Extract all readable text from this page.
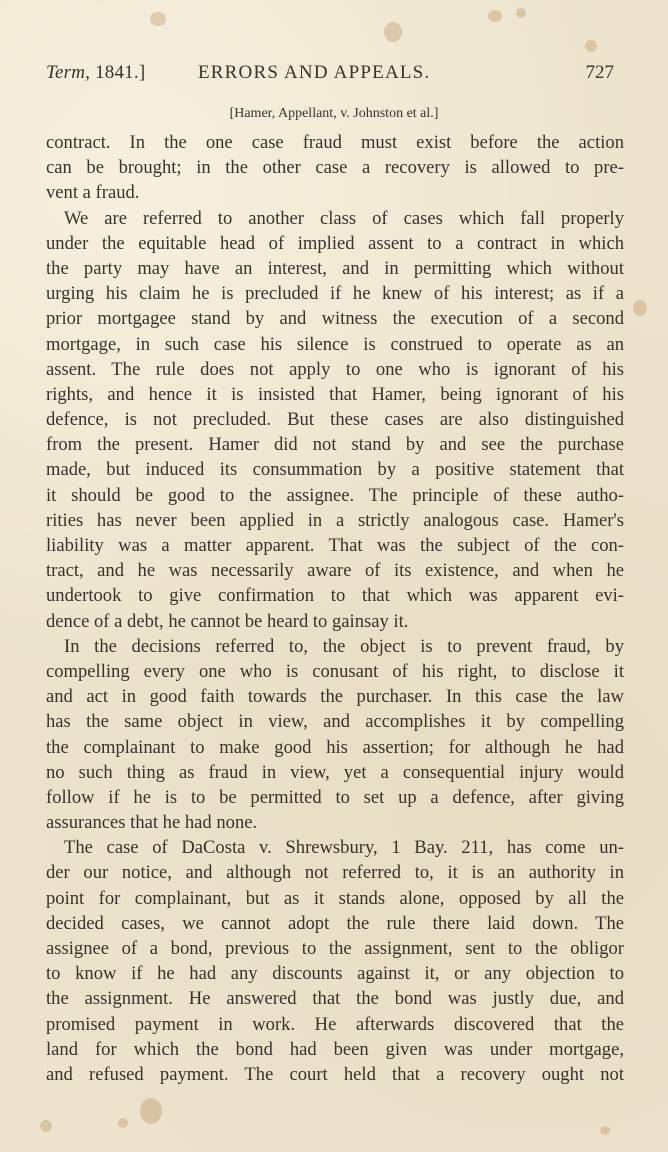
Term, 1841.]	ERRORS AND APPEALS.	727
[Hamer, Appellant, v. Johnston et al.]
contract. In the one case fraud must exist before the action
can be brought; in the other case a recovery is allowed to pre-
vent a fraud.
We are referred to another class of cases which fall properly
under the equitable head of implied assent to a contract in which
the party may have an interest, and in permitting which without
urging his claim he is precluded if he knew of his interest; as if a
prior mortgagee stand by and witness the execution of a second
mortgage, in such case his silence is construed to operate as an
assent. The rule does not apply to one who is ignorant of his
rights, and hence it is insisted that Hamer, being ignorant of his
defence, is not precluded. But these cases are also distinguished
from the present. Hamer did not stand by and see the purchase
made, but induced its consummation by a positive statement that
it should be good to the assignee. The principle of these autho-
rities has never been applied in a strictly analogous case. Hamer's
liability was a matter apparent. That was the subject of the con-
tract, and he was necessarily aware of its existence, and when he
undertook to give confirmation to that which was apparent evi-
dence of a debt, he cannot be heard to gainsay it.
In the decisions referred to, the object is to prevent fraud, by
compelling every one who is conusant of his right, to disclose it
and act in good faith towards the purchaser. In this case the law
has the same object in view, and accomplishes it by compelling
the complainant to make good his assertion; for although he had
no such thing as fraud in view, yet a consequential injury would
follow if he is to be permitted to set up a defence, after giving
assurances that he had none.
The case of DaCosta v. Shrewsbury, 1 Bay. 211, has come un-
der our notice, and although not referred to, it is an authority in
point for complainant, but as it stands alone, opposed by all the
decided cases, we cannot adopt the rule there laid down. The
assignee of a bond, previous to the assignment, sent to the obligor
to know if he had any discounts against it, or any objection to
the assignment. He answered that the bond was justly due, and
promised payment in work. He afterwards discovered that the
land for which the bond had been given was under mortgage,
and refused payment. The court held that a recovery ought not
